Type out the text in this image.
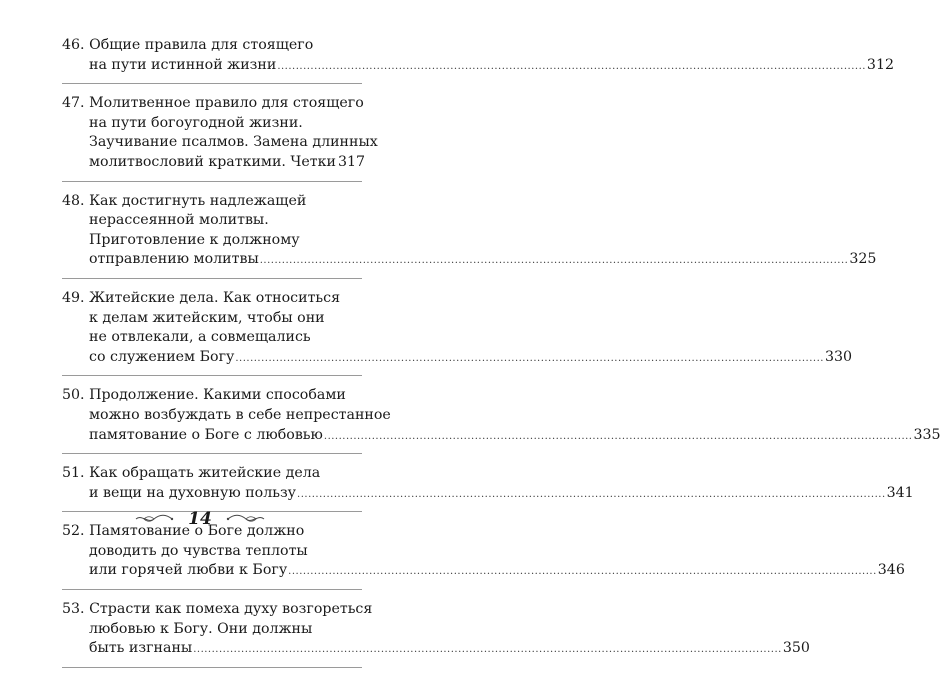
46. Общие правила для стоящего
на пути истинной жизни .....	312
47. Молитвенное правило для стоящего
на пути богоугодной жизни.
Заучивание псалмов. Замена длинных
молитвословий краткими. Четки 317
48. Как достигнуть надлежащей
нерассеянной молитвы.
Приготовление к должному
отправлению молитвы .....	325
49. Житейские дела. Как относиться
к делам житейским, чтобы они
не отвлекали, а совмещались
со служением Богу .....	330
50. Продолжение. Какими способами
можно возбуждать в себе непрестанное
памятование о Боге с любовью .....	335
51. Как обращать житейские дела
и вещи на духовную пользу .....	341
52. Памятование о Боге должно
доводить до чувства теплоты
или горячей любви к Богу .....	346
53. Страсти как помеха духу возгореться
любовью к Богу. Они должны
быть изгнаны .....	350
14
